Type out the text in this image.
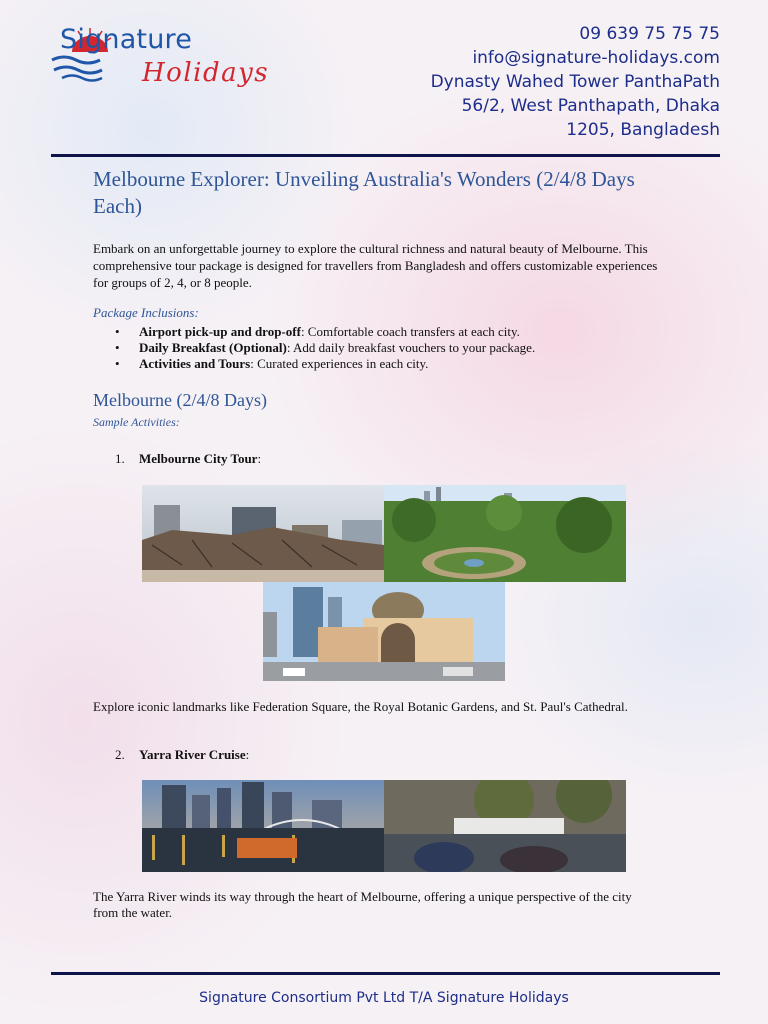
Signature
Holidays
09 639 75 75 75
info@signature-holidays.com
Dynasty Wahed Tower PanthaPath
56/2, West Panthapath, Dhaka
1205, Bangladesh
Melbourne Explorer: Unveiling Australia's Wonders (2/4/8 Days Each)

Embark on an unforgettable journey to explore the cultural richness and natural beauty of Melbourne. This comprehensive tour package is designed for travellers from Bangladesh and offers customizable experiences for groups of 2, 4, or 8 people.

Package Inclusions:
• Airport pick-up and drop-off: Comfortable coach transfers at each city.
• Daily Breakfast (Optional): Add daily breakfast vouchers to your package.
• Activities and Tours: Curated experiences in each city.
Melbourne (2/4/8 Days)
Sample Activities:
1. Melbourne City Tour:
Explore iconic landmarks like Federation Square, the Royal Botanic Gardens, and St. Paul's Cathedral.
2. Yarra River Cruise:
The Yarra River winds its way through the heart of Melbourne, offering a unique perspective of the city from the water.
Signature Consortium Pvt Ltd T/A Signature Holidays
